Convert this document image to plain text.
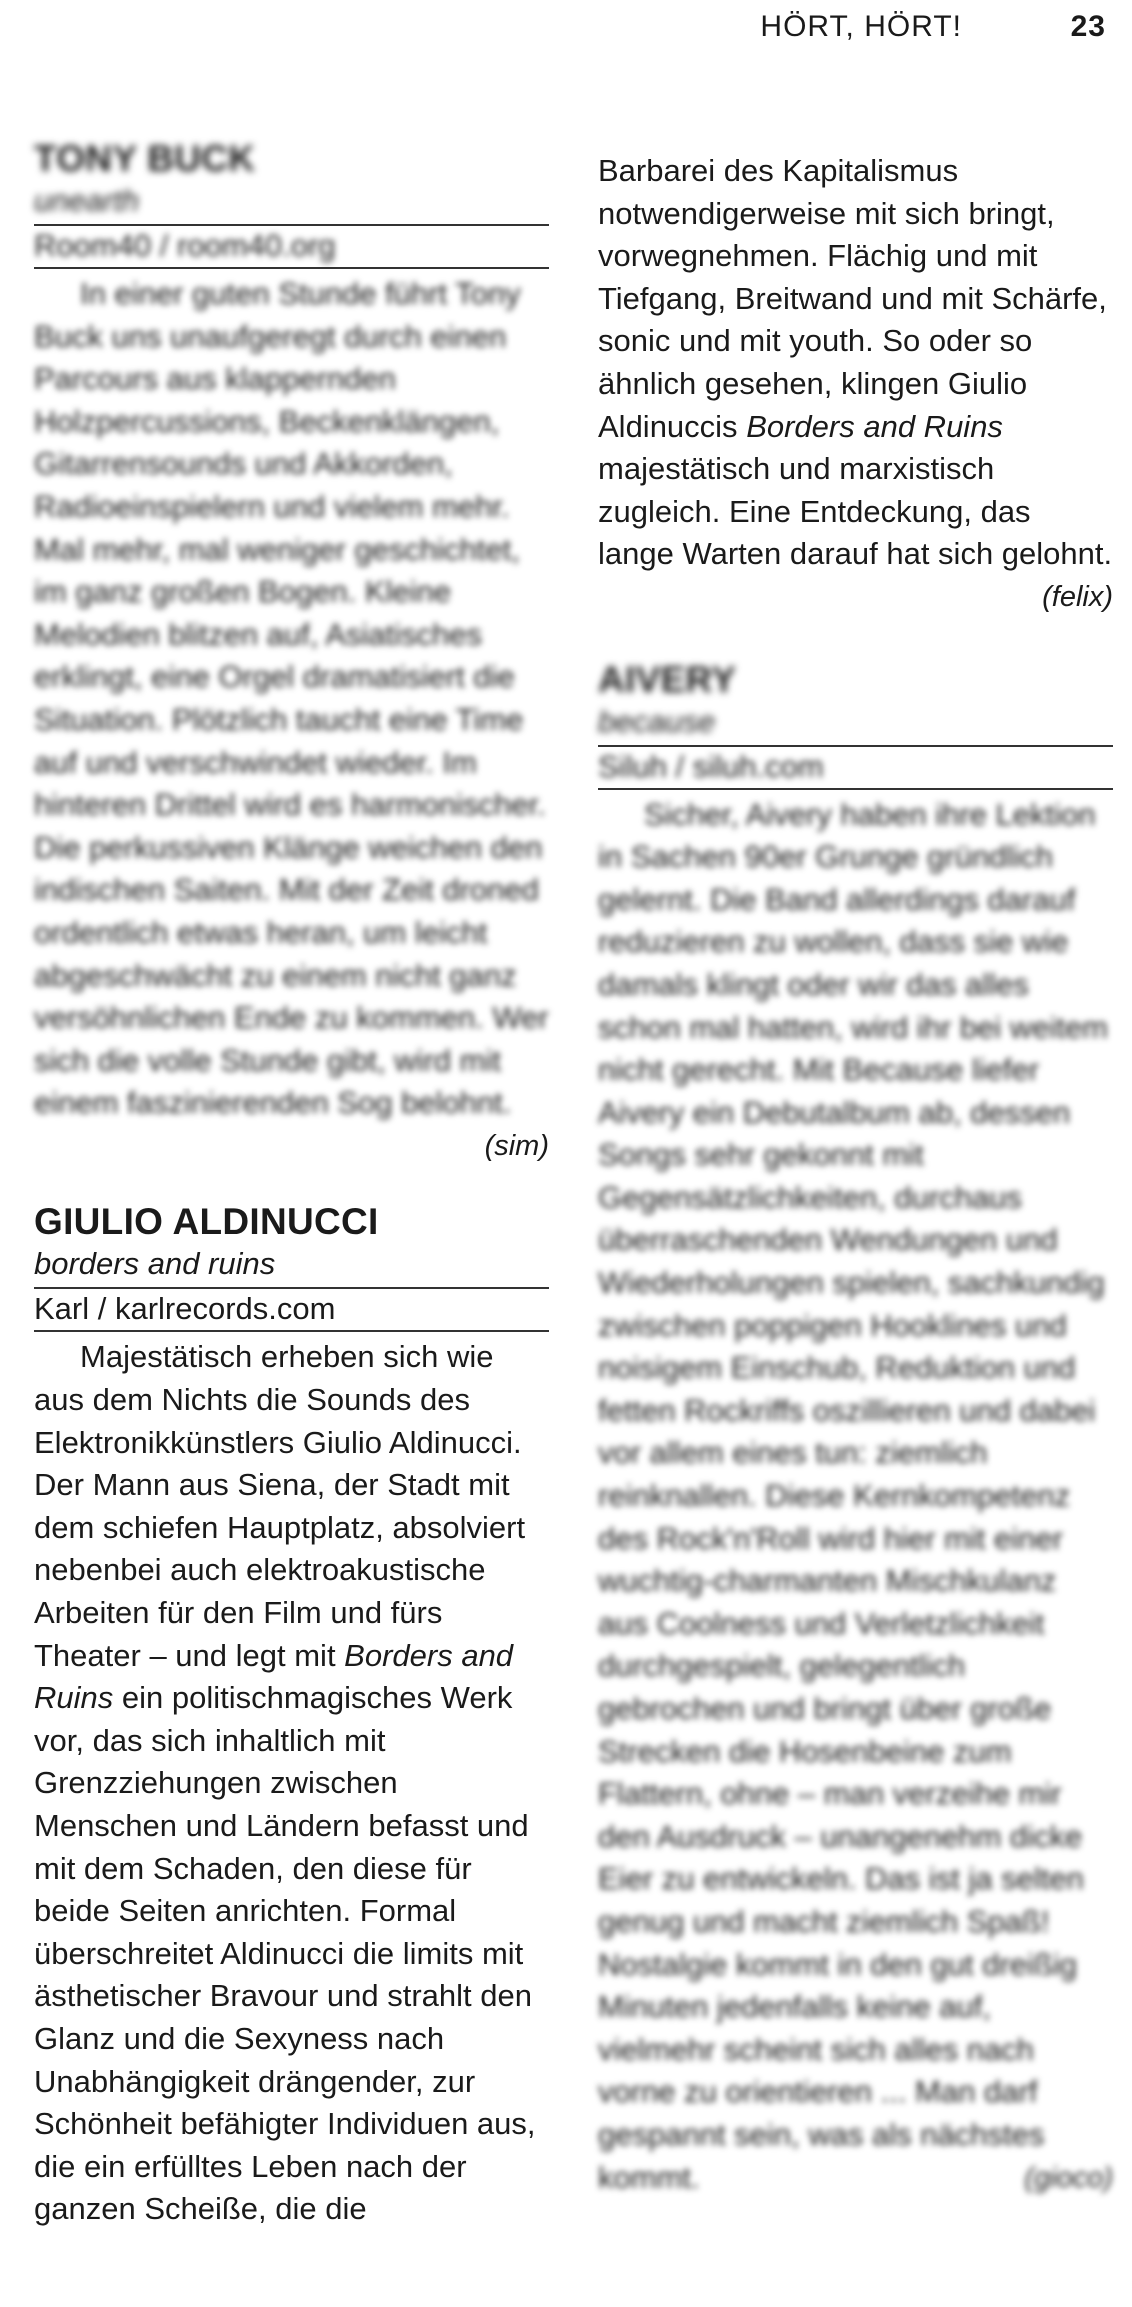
HÖRT, HÖRT!	23
TONY BUCK
unearth
Room40 / room40.org

In einer guten Stunde führt Tony Buck uns unaufgeregt durch einen Parcours aus klappernden Holzpercussions, Beckenklängen, Gitarrensounds und Akkorden, Radioeinspielern und vielem mehr. Mal mehr, mal weniger geschichtet, im ganz großen Bogen. Kleine Melodien blitzen auf, Asiatisches erklingt, eine Orgel dramatisiert die Situation. Plötzlich taucht eine Time auf und verschwindet wieder. Im hinteren Drittel wird es harmonischer. Die perkussiven Klänge weichen den indischen Saiten. Mit der Zeit droned ordentlich etwas heran, um leicht abgeschwächt zu einem nicht ganz versöhnlichen Ende zu kommen. Wer sich die volle Stunde gibt, wird mit einem faszinierenden Sog belohnt.
(sim)

GIULIO ALDINUCCI
borders and ruins
Karl / karlrecords.com

Majestätisch erheben sich wie aus dem Nichts die Sounds des Elektronikkünstlers Giulio Aldinucci. Der Mann aus Siena, der Stadt mit dem schiefen Hauptplatz, absolviert nebenbei auch elektroakustische Arbeiten für den Film und fürs Theater – und legt mit Borders and Ruins ein politischmagisches Werk vor, das sich inhaltlich mit Grenzziehungen zwischen Menschen und Ländern befasst und mit dem Schaden, den diese für beide Seiten anrichten. Formal überschreitet Aldinucci die limits mit ästhetischer Bravour und strahlt den Glanz und die Sexyness nach Unabhängigkeit drängender, zur Schönheit befähigter Individuen aus, die ein erfülltes Leben nach der ganzen Scheiße, die die

Barbarei des Kapitalismus notwendigerweise mit sich bringt, vorwegnehmen. Flächig und mit Tiefgang, Breitwand und mit Schärfe, sonic und mit youth. So oder so ähnlich gesehen, klingen Giulio Aldinuccis Borders and Ruins majestätisch und marxistisch zugleich. Eine Entdeckung, das lange Warten darauf hat sich gelohnt.
(felix)

AIVERY
because
Siluh / siluh.com

Sicher, Aivery haben ihre Lektion in Sachen 90er Grunge gründlich gelernt. Die Band allerdings darauf reduzieren zu wollen, dass sie wie damals klingt oder wir das alles schon mal hatten, wird ihr bei weitem nicht gerecht. Mit Because liefer Aivery ein Debutalbum ab, dessen Songs sehr gekonnt mit Gegensätzlichkeiten, durchaus überraschenden Wendungen und Wiederholungen spielen, sachkundig zwischen poppigen Hooklines und noisigem Einschub, Reduktion und fetten Rockriffs oszillieren und dabei vor allem eines tun: ziemlich reinknallen. Diese Kernkompetenz des Rock'n'Roll wird hier mit einer wuchtig-charmanten Mischkulanz aus Coolness und Verletzlichkeit durchgespielt, gelegentlich gebrochen und bringt über große Strecken die Hosenbeine zum Flattern, ohne – man verzeihe mir den Ausdruck – unangenehm dicke Eier zu entwickeln. Das ist ja selten genug und macht ziemlich Spaß! Nostalgie kommt in den gut dreißig Minuten jedenfalls keine auf, vielmehr scheint sich alles nach vorne zu orientieren ... Man darf gespannt sein, was als nächstes kommt.	(gioco)
